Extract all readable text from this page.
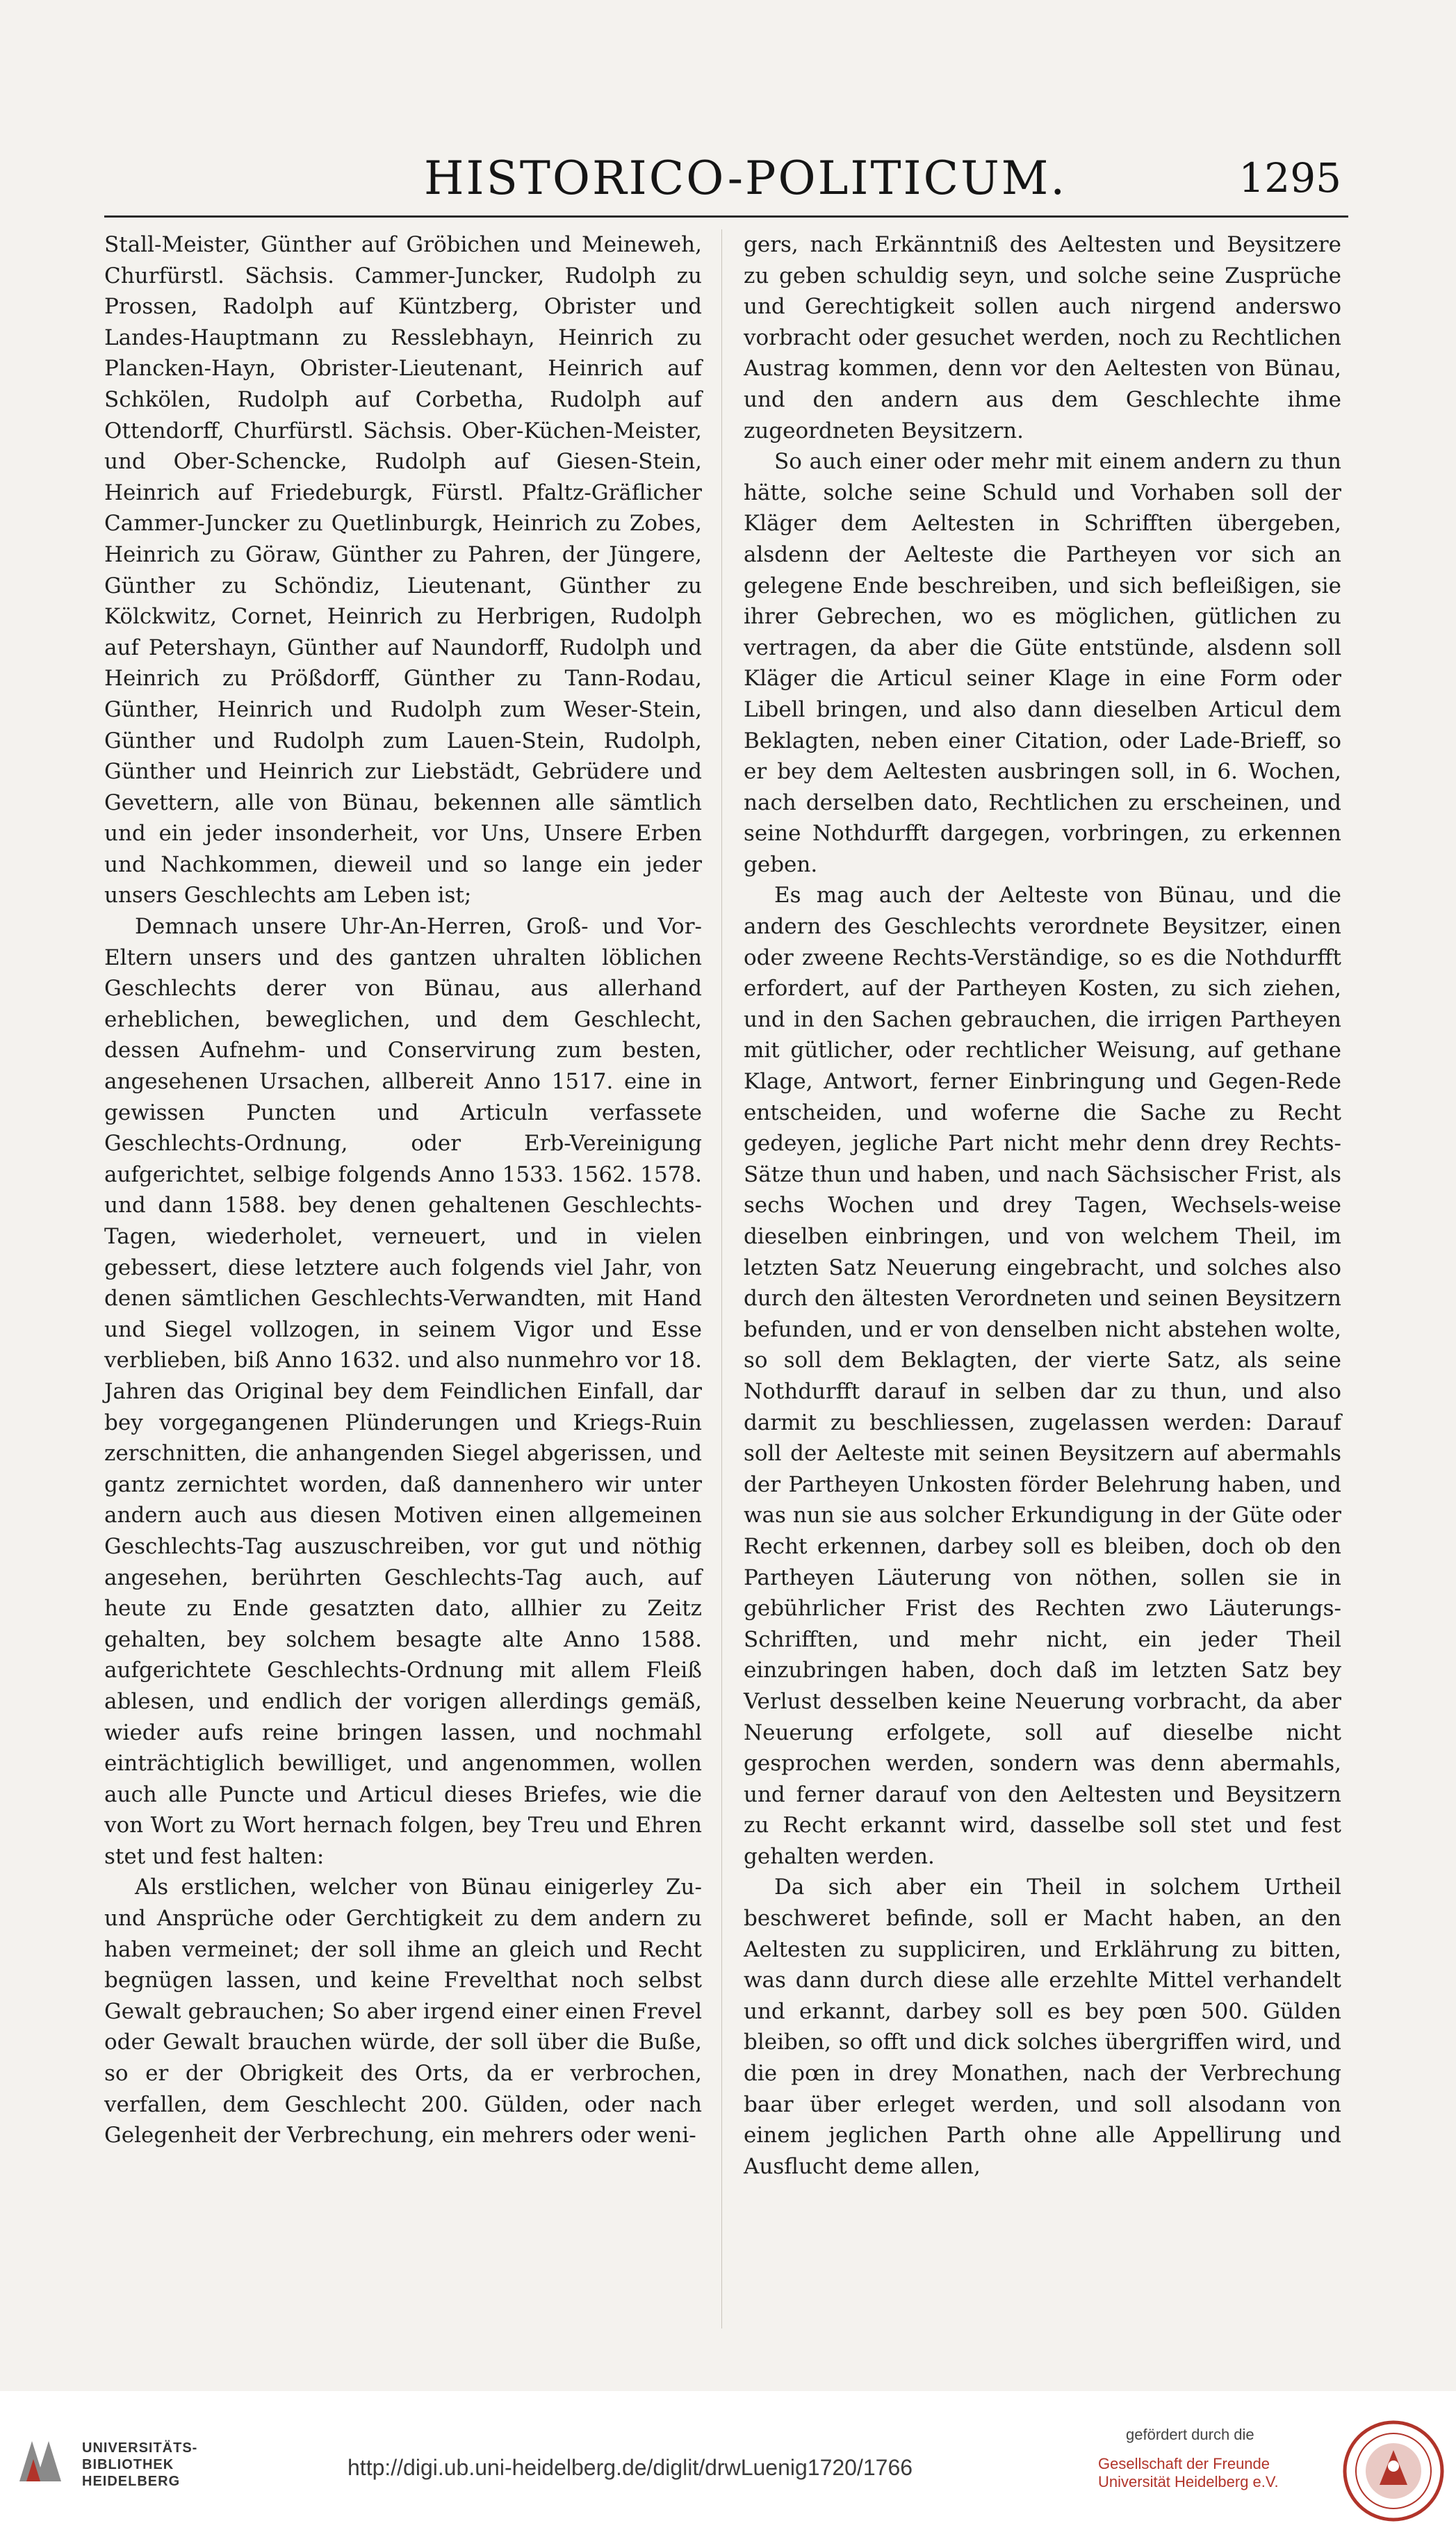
HISTORICO-POLITICUM.	1295

Stall-Meister, Günther auf Gröbichen und Meineweh, Churfürstl. Sächsis. Cammer-Juncker, Rudolph zu Prossen, Radolph auf Küntzberg, Obrister und Landes-Hauptmann zu Resslebhayn, Heinrich zu Plancken-Hayn, Obrister-Lieutenant, Heinrich auf Schkölen, Rudolph auf Corbetha, Rudolph auf Ottendorff, Churfürstl. Sächsis. Ober-Küchen-Meister, und Ober-Schencke, Rudolph auf Giesen-Stein, Heinrich auf Friedeburgk, Fürstl. Pfaltz-Gräflicher Cammer-Juncker zu Quetlinburgk, Heinrich zu Zobes, Heinrich zu Göraw, Günther zu Pahren, der Jüngere, Günther zu Schöndiz, Lieutenant, Günther zu Kölckwitz, Cornet, Heinrich zu Herbrigen, Rudolph auf Petershayn, Günther auf Naundorff, Rudolph und Heinrich zu Prößdorff, Günther zu Tann-Rodau, Günther, Heinrich und Rudolph zum Weser-Stein, Günther und Rudolph zum Lauen-Stein, Rudolph, Günther und Heinrich zur Liebstädt, Gebrüdere und Gevettern, alle von Bünau, bekennen alle sämtlich und ein jeder insonderheit, vor Uns, Unsere Erben und Nachkommen, dieweil und so lange ein jeder unsers Geschlechts am Leben ist;

Demnach unsere Uhr-An-Herren, Groß- und Vor-Eltern unsers und des gantzen uhralten löblichen Geschlechts derer von Bünau, aus allerhand erheblichen, beweglichen, und dem Geschlecht, dessen Aufnehm- und Conservirung zum besten, angesehenen Ursachen, allbereit Anno 1517. eine in gewissen Puncten und Articuln verfassete Geschlechts-Ordnung, oder Erb-Vereinigung aufgerichtet, selbige folgends Anno 1533. 1562. 1578. und dann 1588. bey denen gehaltenen Geschlechts-Tagen, wiederholet, verneuert, und in vielen gebessert, diese letztere auch folgends viel Jahr, von denen sämtlichen Geschlechts-Verwandten, mit Hand und Siegel vollzogen, in seinem Vigor und Esse verblieben, biß Anno 1632. und also nunmehro vor 18. Jahren das Original bey dem Feindlichen Einfall, dar bey vorgegangenen Plünderungen und Kriegs-Ruin zerschnitten, die anhangenden Siegel abgerissen, und gantz zernichtet worden, daß dannenhero wir unter andern auch aus diesen Motiven einen allgemeinen Geschlechts-Tag auszuschreiben, vor gut und nöthig angesehen, berührten Geschlechts-Tag auch, auf heute zu Ende gesatzten dato, allhier zu Zeitz gehalten, bey solchem besagte alte Anno 1588. aufgerichtete Geschlechts-Ordnung mit allem Fleiß ablesen, und endlich der vorigen allerdings gemäß, wieder aufs reine bringen lassen, und nochmahl einträchtiglich bewilliget, und angenommen, wollen auch alle Puncte und Articul dieses Briefes, wie die von Wort zu Wort hernach folgen, bey Treu und Ehren stet und fest halten:

Als erstlichen, welcher von Bünau einigerley Zu- und Ansprüche oder Gerchtigkeit zu dem andern zu haben vermeinet; der soll ihme an gleich und Recht begnügen lassen, und keine Frevelthat noch selbst Gewalt gebrauchen; So aber irgend einer einen Frevel oder Gewalt brauchen würde, der soll über die Buße, so er der Obrigkeit des Orts, da er verbrochen, verfallen, dem Geschlecht 200. Gülden, oder nach Gelegenheit der Verbrechung, ein mehrers oder weni-

gers, nach Erkänntniß des Aeltesten und Beysitzere zu geben schuldig seyn, und solche seine Zusprüche und Gerechtigkeit sollen auch nirgend anderswo vorbracht oder gesuchet werden, noch zu Rechtlichen Austrag kommen, denn vor den Aeltesten von Bünau, und den andern aus dem Geschlechte ihme zugeordneten Beysitzern.

So auch einer oder mehr mit einem andern zu thun hätte, solche seine Schuld und Vorhaben soll der Kläger dem Aeltesten in Schrifften übergeben, alsdenn der Aelteste die Partheyen vor sich an gelegene Ende beschreiben, und sich befleißigen, sie ihrer Gebrechen, wo es möglichen, gütlichen zu vertragen, da aber die Güte entstünde, alsdenn soll Kläger die Articul seiner Klage in eine Form oder Libell bringen, und also dann dieselben Articul dem Beklagten, neben einer Citation, oder Lade-Brieff, so er bey dem Aeltesten ausbringen soll, in 6. Wochen, nach derselben dato, Rechtlichen zu erscheinen, und seine Nothdurfft dargegen, vorbringen, zu erkennen geben.

Es mag auch der Aelteste von Bünau, und die andern des Geschlechts verordnete Beysitzer, einen oder zweene Rechts-Verständige, so es die Nothdurfft erfordert, auf der Partheyen Kosten, zu sich ziehen, und in den Sachen gebrauchen, die irrigen Partheyen mit gütlicher, oder rechtlicher Weisung, auf gethane Klage, Antwort, ferner Einbringung und Gegen-Rede entscheiden, und woferne die Sache zu Recht gedeyen, jegliche Part nicht mehr denn drey Rechts-Sätze thun und haben, und nach Sächsischer Frist, als sechs Wochen und drey Tagen, Wechsels-weise dieselben einbringen, und von welchem Theil, im letzten Satz Neuerung eingebracht, und solches also durch den ältesten Verordneten und seinen Beysitzern befunden, und er von denselben nicht abstehen wolte, so soll dem Beklagten, der vierte Satz, als seine Nothdurfft darauf in selben dar zu thun, und also darmit zu beschliessen, zugelassen werden: Darauf soll der Aelteste mit seinen Beysitzern auf abermahls der Partheyen Unkosten förder Belehrung haben, und was nun sie aus solcher Erkundigung in der Güte oder Recht erkennen, darbey soll es bleiben, doch ob den Partheyen Läuterung von nöthen, sollen sie in gebührlicher Frist des Rechten zwo Läuterungs-Schrifften, und mehr nicht, ein jeder Theil einzubringen haben, doch daß im letzten Satz bey Verlust desselben keine Neuerung vorbracht, da aber Neuerung erfolgete, soll auf dieselbe nicht gesprochen werden, sondern was denn abermahls, und ferner darauf von den Aeltesten und Beysitzern zu Recht erkannt wird, dasselbe soll stet und fest gehalten werden.

Da sich aber ein Theil in solchem Urtheil beschweret befinde, soll er Macht haben, an den Aeltesten zu suppliciren, und Erklährung zu bitten, was dann durch diese alle erzehlte Mittel verhandelt und erkannt, darbey soll es bey pœn 500. Gülden bleiben, so offt und dick solches übergriffen wird, und die pœn in drey Monathen, nach der Verbrechung baar über erleget werden, und soll alsodann von einem jeglichen Parth ohne alle Appellirung und Ausflucht deme allen,

UNIVERSITÄTS-
BIBLIOTHEK
HEIDELBERG
http://digi.ub.uni-heidelberg.de/diglit/drwLuenig1720/1766
gefördert durch die
Gesellschaft der Freunde
Universität Heidelberg e.V.
